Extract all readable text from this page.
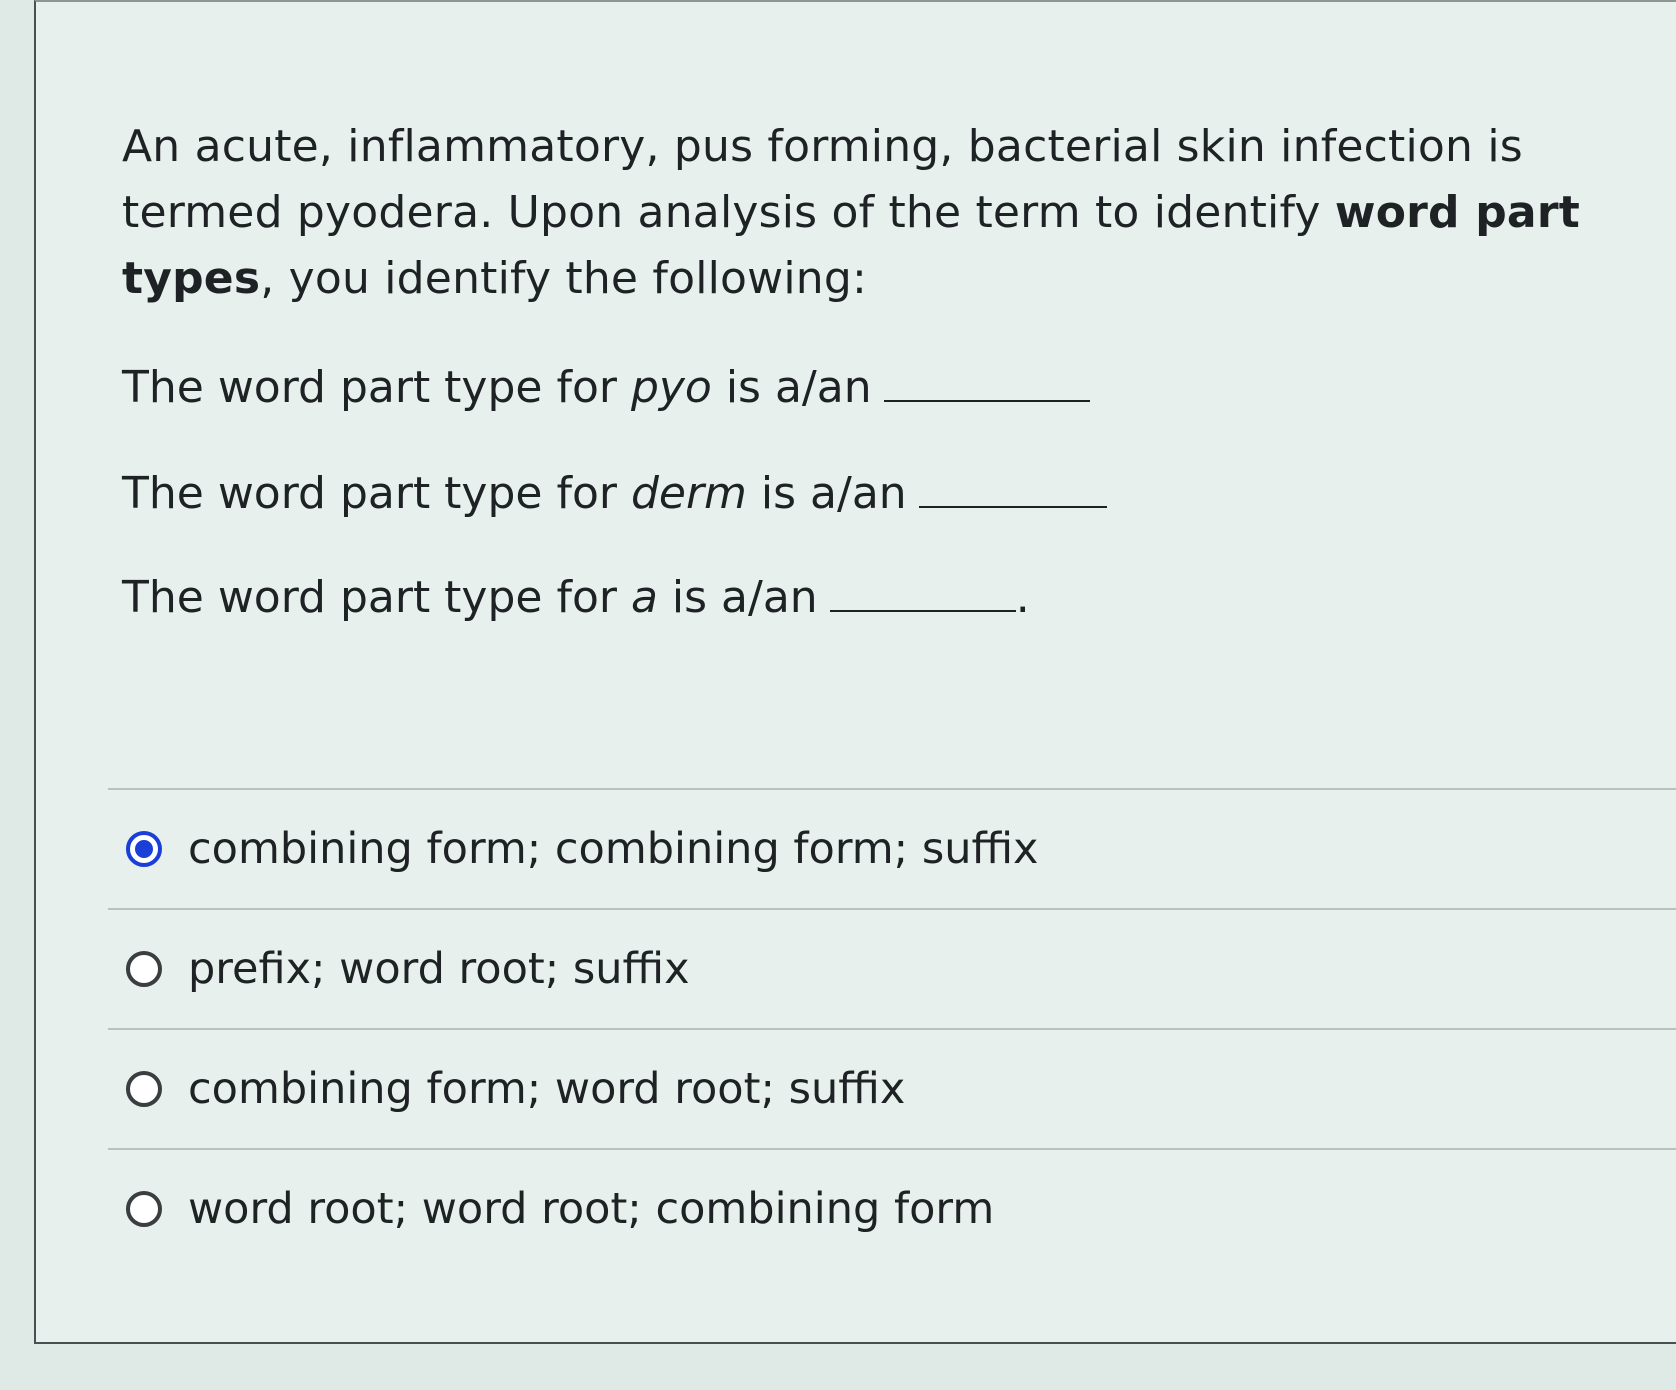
An acute, inflammatory, pus forming, bacterial skin infection is termed pyodera. Upon analysis of the term to identify word part types, you identify the following:
The word part type for pyo is a/an
The word part type for derm is a/an
The word part type for a is a/an	.
combining form; combining form; suffix
prefix; word root; suffix
combining form; word root; suffix
word root; word root; combining form
